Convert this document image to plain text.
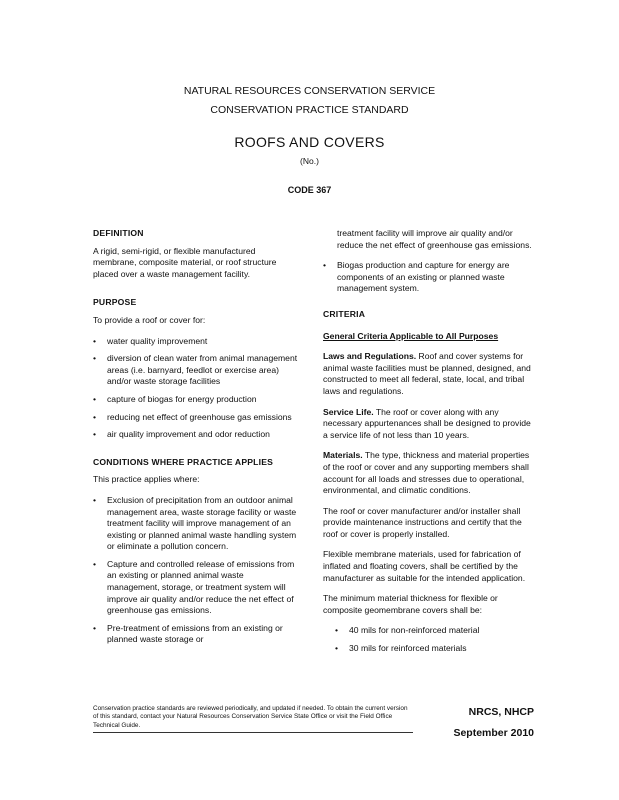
NATURAL RESOURCES CONSERVATION SERVICE
CONSERVATION PRACTICE STANDARD
ROOFS AND COVERS
(No.)
CODE 367
DEFINITION

A rigid, semi-rigid, or flexible manufactured membrane, composite material, or roof structure placed over a waste management facility.

PURPOSE

To provide a roof or cover for:

• water quality improvement
• diversion of clean water from animal management areas (i.e. barnyard, feedlot or exercise area) and/or waste storage facilities
• capture of biogas for energy production
• reducing net effect of greenhouse gas emissions
• air quality improvement and odor reduction
CONDITIONS WHERE PRACTICE APPLIES

This practice applies where:

• Exclusion of precipitation from an outdoor animal management area, waste storage facility or waste treatment facility will improve management of an existing or planned animal waste handling system or eliminate a pollution concern.
• Capture and controlled release of emissions from an existing or planned animal waste management, storage, or treatment system will improve air quality and/or reduce the net effect of greenhouse gas emissions.
• Pre-treatment of emissions from an existing or planned waste storage or

treatment facility will improve air quality and/or reduce the net effect of greenhouse gas emissions.

• Biogas production and capture for energy are components of an existing or planned waste management system.
CRITERIA

General Criteria Applicable to All Purposes

Laws and Regulations. Roof and cover systems for animal waste facilities must be planned, designed, and constructed to meet all federal, state, local, and tribal laws and regulations.

Service Life. The roof or cover along with any necessary appurtenances shall be designed to provide a service life of not less than 10 years.

Materials. The type, thickness and material properties of the roof or cover and any supporting members shall account for all loads and stresses due to operational, environmental, and climatic conditions.

The roof or cover manufacturer and/or installer shall provide maintenance instructions and certify that the roof or cover is properly installed.

Flexible membrane materials, used for fabrication of inflated and floating covers, shall be certified by the manufacturer as suitable for the intended application.

The minimum material thickness for flexible or composite geomembrane covers shall be:

• 40 mils for non-reinforced material
• 30 mils for reinforced materials
Conservation practice standards are reviewed periodically, and updated if needed. To obtain the current version of this standard, contact your Natural Resources Conservation Service State Office or visit the Field Office Technical Guide.
NRCS, NHCP
September 2010
